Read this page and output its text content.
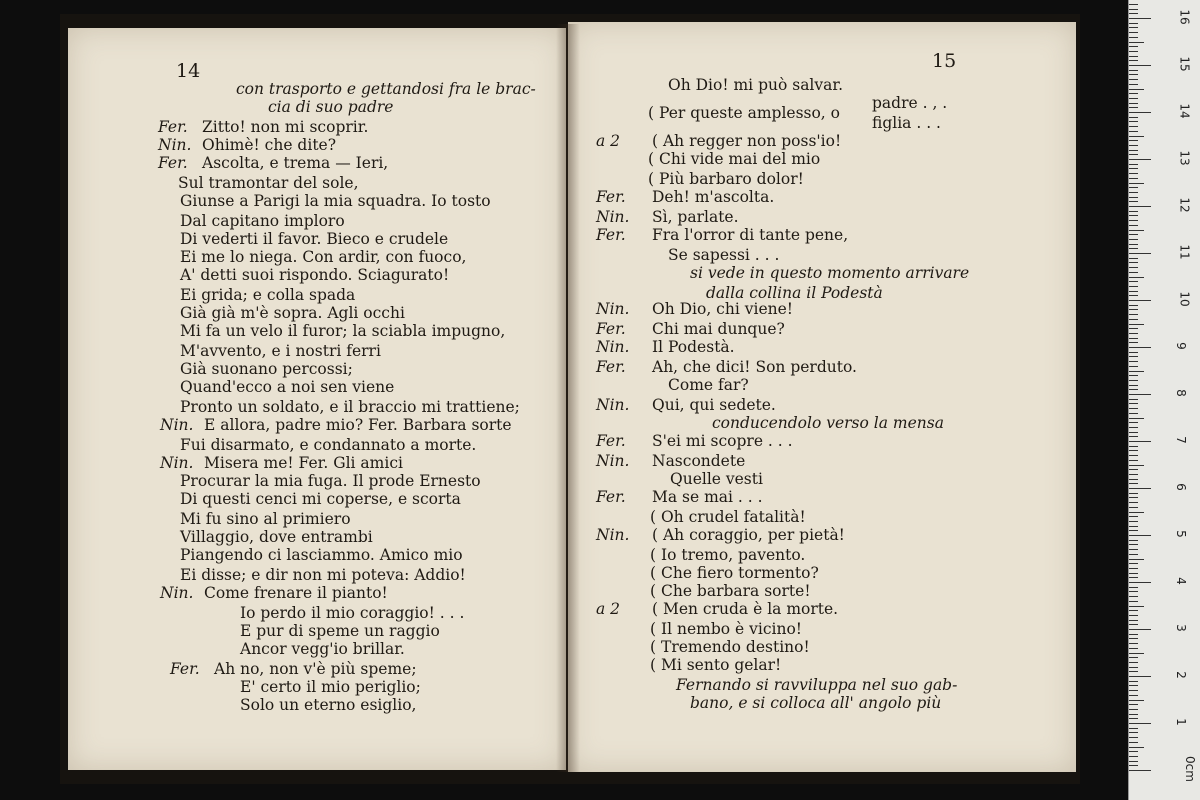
14	15
con trasporto e gettandosi fra le brac-
cia di suo padre
Fer. Zitto! non mi scoprir.
Nin. Ohimè! che dite?
Fer. Ascolta, e trema — Ieri,
Sul tramontar del sole,
Giunse a Parigi la mia squadra. Io tosto
Dal capitano imploro
Di vederti il favor. Bieco e crudele
Ei me lo niega. Con ardir, con fuoco,
A' detti suoi rispondo. Sciagurato!
Ei grida; e colla spada
Già già m'è sopra. Agli occhi
Mi fa un velo il furor; la sciabla impugno,
M'avvento, e i nostri ferri
Già suonano percossi;
Quand'ecco a noi sen viene
Pronto un soldato, e il braccio mi trattiene;
Nin. E allora, padre mio? Fer. Barbara sorte
Fui disarmato, e condannato a morte.
Nin. Misera me! Fer. Gli amici
Procurar la mia fuga. Il prode Ernesto
Di questi cenci mi coperse, e scorta
Mi fu sino al primiero
Villaggio, dove entrambi
Piangendo ci lasciammo. Amico mio
Ei disse; e dir non mi poteva: Addio!
Nin. Come frenare il pianto!
Io perdo il mio coraggio! . . .
E pur di speme un raggio
Ancor vegg'io brillar.
Fer. Ah no, non v'è più speme;
E' certo il mio periglio;
Solo un eterno esiglio,
Oh Dio! mi può salvar.
( Per queste amplesso, o
padre . , .
figlia . . .
a 2 ( Ah regger non poss'io!
( Chi vide mai del mio
( Più barbaro dolor!
Fer. Deh! m'ascolta.
Nin. Sì, parlate.
Fer. Fra l'orror di tante pene,
Se sapessi . . .
si vede in questo momento arrivare
dalla collina il Podestà
Nin. Oh Dio, chi viene!
Fer. Chi mai dunque?
Nin. Il Podestà.
Fer. Ah, che dici! Son perduto.
Come far?
Nin. Qui, qui sedete.
conducendolo verso la mensa
Fer. S'ei mi scopre . . .
Nin. Nascondete
Quelle vesti
Fer. Ma se mai . . .
( Oh crudel fatalità!
Nin. ( Ah coraggio, per pietà!
( Io tremo, pavento.
( Che fiero tormento?
( Che barbara sorte!
a 2 ( Men cruda è la morte.
( Il nembo è vicino!
( Tremendo destino!
( Mi sento gelar!
Fernando si ravviluppa nel suo gab-
bano, e si colloca all' angolo più
0cm
1
2
3
4
5
6
7
8
9
10
11
12
13
14
15
16
